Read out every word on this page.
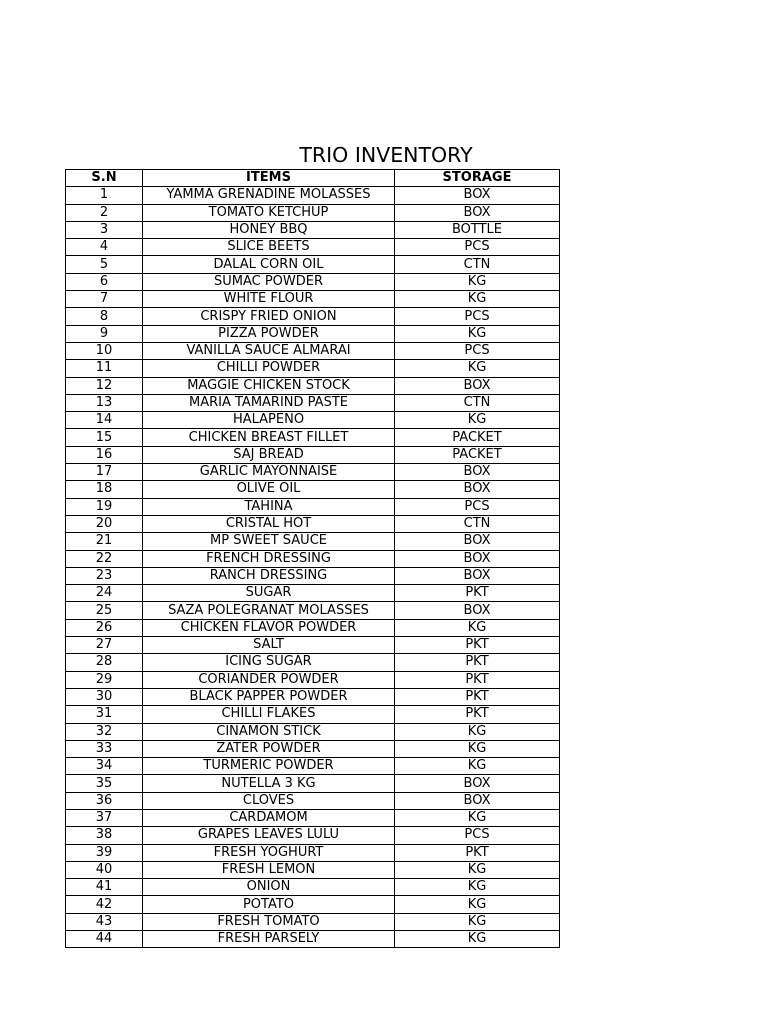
TRIO INVENTORY
S.N	ITEMS	STORAGE
1	YAMMA GRENADINE MOLASSES	BOX
2	TOMATO KETCHUP	BOX
3	HONEY BBQ	BOTTLE
4	SLICE BEETS	PCS
5	DALAL CORN OIL	CTN
6	SUMAC POWDER	KG
7	WHITE FLOUR	KG
8	CRISPY FRIED ONION	PCS
9	PIZZA POWDER	KG
10	VANILLA SAUCE ALMARAI	PCS
11	CHILLI POWDER	KG
12	MAGGIE CHICKEN STOCK	BOX
13	MARIA TAMARIND PASTE	CTN
14	HALAPENO	KG
15	CHICKEN BREAST FILLET	PACKET
16	SAJ BREAD	PACKET
17	GARLIC MAYONNAISE	BOX
18	OLIVE OIL	BOX
19	TAHINA	PCS
20	CRISTAL HOT	CTN
21	MP SWEET SAUCE	BOX
22	FRENCH DRESSING	BOX
23	RANCH DRESSING	BOX
24	SUGAR	PKT
25	SAZA POLEGRANAT MOLASSES	BOX
26	CHICKEN FLAVOR POWDER	KG
27	SALT	PKT
28	ICING SUGAR	PKT
29	CORIANDER POWDER	PKT
30	BLACK PAPPER POWDER	PKT
31	CHILLI FLAKES	PKT
32	CINAMON STICK	KG
33	ZATER POWDER	KG
34	TURMERIC POWDER	KG
35	NUTELLA 3 KG	BOX
36	CLOVES	BOX
37	CARDAMOM	KG
38	GRAPES LEAVES LULU	PCS
39	FRESH YOGHURT	PKT
40	FRESH LEMON	KG
41	ONION	KG
42	POTATO	KG
43	FRESH TOMATO	KG
44	FRESH PARSELY	KG
